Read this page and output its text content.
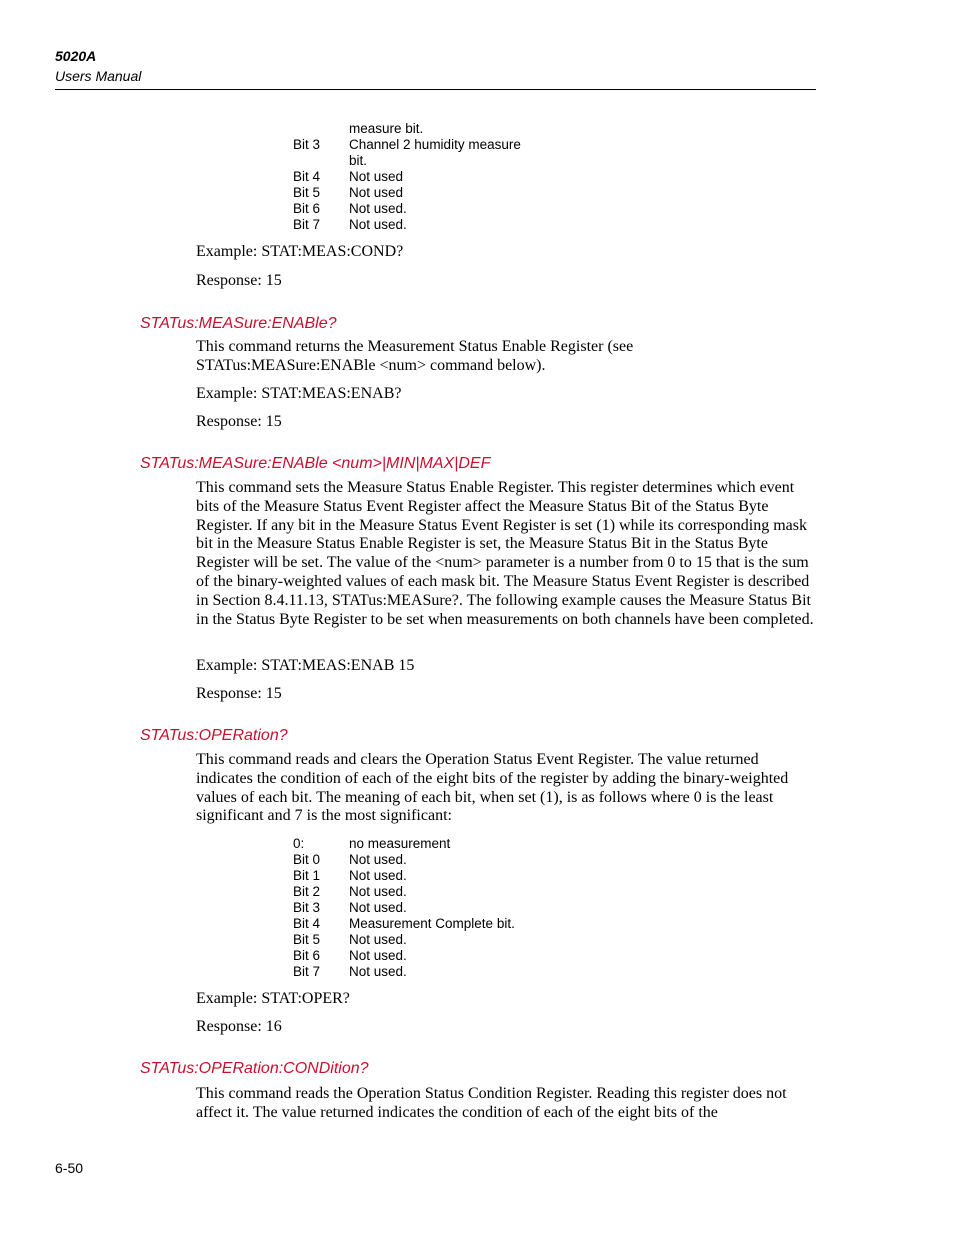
5020A
Users Manual
measure bit.
Bit 3	Channel 2 humidity measure bit.
Bit 4	Not used
Bit 5	Not used
Bit 6	Not used.
Bit 7	Not used.
Example: STAT:MEAS:COND?
Response: 15
STATus:MEASure:ENABle?
This command returns the Measurement Status Enable Register (see STATus:MEASure:ENABle <num> command below).
Example: STAT:MEAS:ENAB?
Response: 15
STATus:MEASure:ENABle <num>|MIN|MAX|DEF
This command sets the Measure Status Enable Register. This register determines which event bits of the Measure Status Event Register affect the Measure Status Bit of the Status Byte Register. If any bit in the Measure Status Event Register is set (1) while its corresponding mask bit in the Measure Status Enable Register is set, the Measure Status Bit in the Status Byte Register will be set. The value of the <num> parameter is a number from 0 to 15 that is the sum of the binary-weighted values of each mask bit. The Measure Status Event Register is described in Section 8.4.11.13, STATus:MEASure?. The following example causes the Measure Status Bit in the Status Byte Register to be set when measurements on both channels have been completed.
Example: STAT:MEAS:ENAB 15
Response: 15
STATus:OPERation?
This command reads and clears the Operation Status Event Register. The value returned indicates the condition of each of the eight bits of the register by adding the binary-weighted values of each bit. The meaning of each bit, when set (1), is as follows where 0 is the least significant and 7 is the most significant:
0:	no measurement
Bit 0	Not used.
Bit 1	Not used.
Bit 2	Not used.
Bit 3	Not used.
Bit 4	Measurement Complete bit.
Bit 5	Not used.
Bit 6	Not used.
Bit 7	Not used.
Example: STAT:OPER?
Response: 16
STATus:OPERation:CONDition?
This command reads the Operation Status Condition Register. Reading this register does not affect it. The value returned indicates the condition of each of the eight bits of the
6-50
